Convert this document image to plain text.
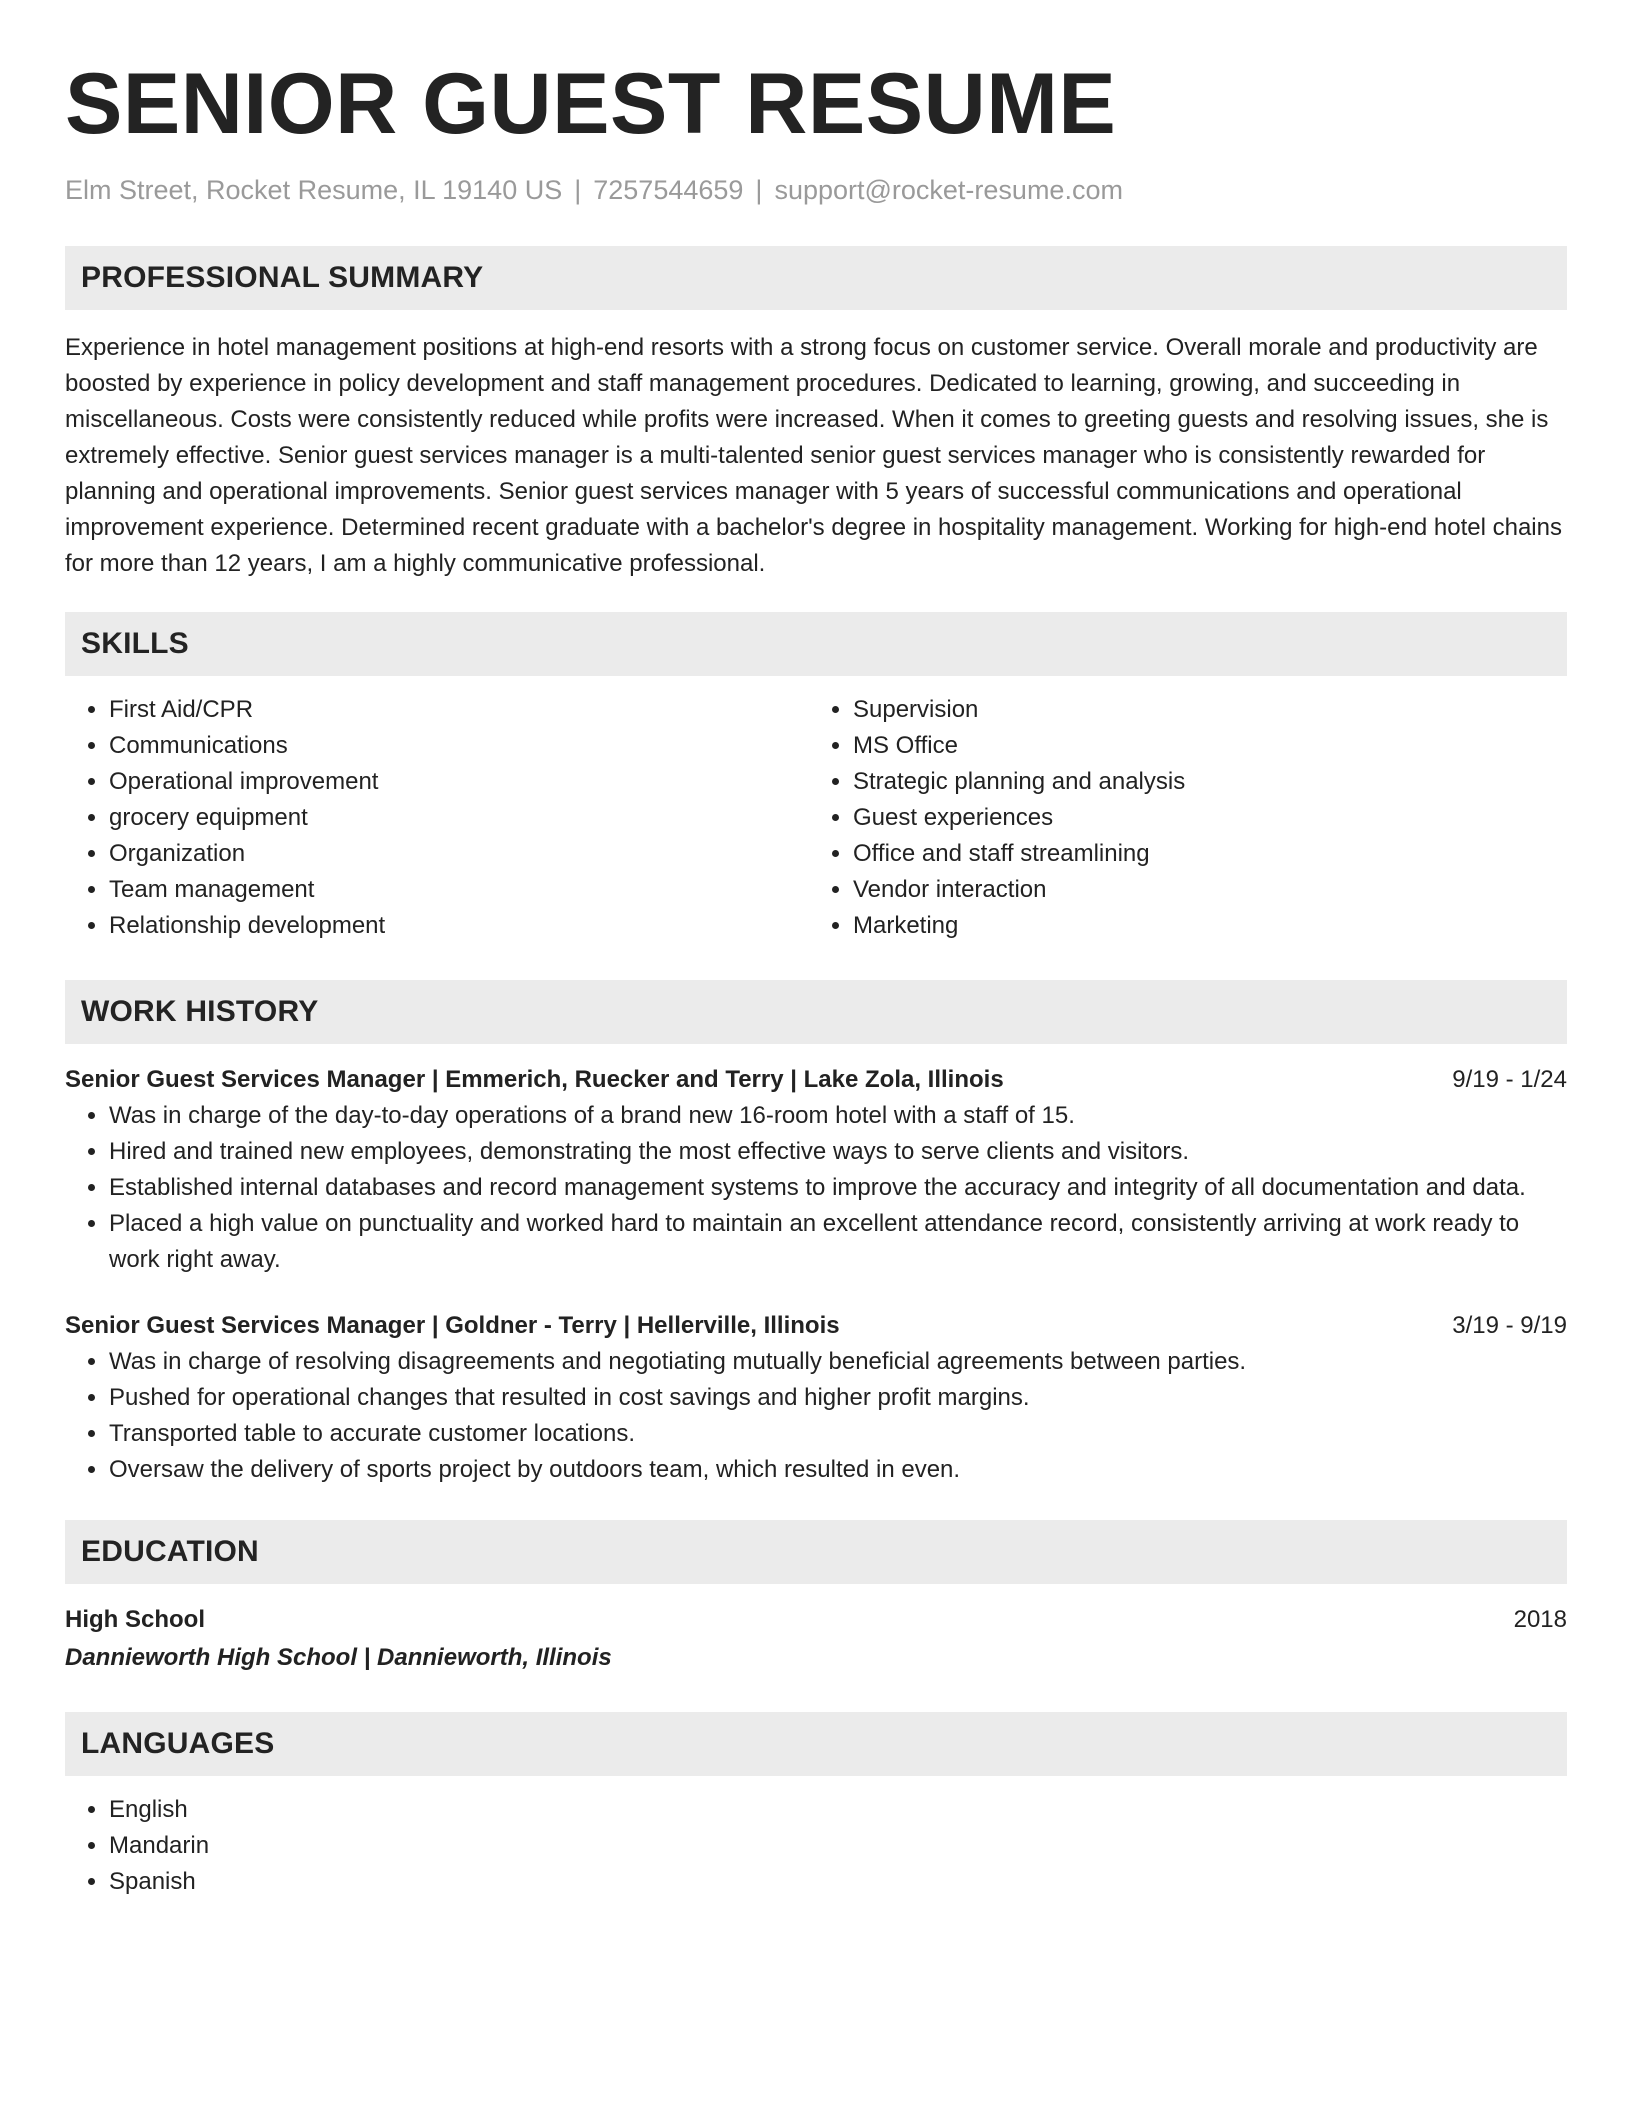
SENIOR GUEST RESUME
Elm Street, Rocket Resume, IL 19140 US | 7257544659 | support@rocket-resume.com
PROFESSIONAL SUMMARY

Experience in hotel management positions at high-end resorts with a strong focus on customer service. Overall morale and productivity are boosted by experience in policy development and staff management procedures. Dedicated to learning, growing, and succeeding in miscellaneous. Costs were consistently reduced while profits were increased. When it comes to greeting guests and resolving issues, she is extremely effective. Senior guest services manager is a multi-talented senior guest services manager who is consistently rewarded for planning and operational improvements. Senior guest services manager with 5 years of successful communications and operational improvement experience. Determined recent graduate with a bachelor's degree in hospitality management. Working for high-end hotel chains for more than 12 years, I am a highly communicative professional.

SKILLS
• First Aid/CPR
• Communications
• Operational improvement
• grocery equipment
• Organization
• Team management
• Relationship development
• Supervision
• MS Office
• Strategic planning and analysis
• Guest experiences
• Office and staff streamlining
• Vendor interaction
• Marketing
WORK HISTORY
Senior Guest Services Manager | Emmerich, Ruecker and Terry | Lake Zola, Illinois	9/19 - 1/24
• Was in charge of the day-to-day operations of a brand new 16-room hotel with a staff of 15.
• Hired and trained new employees, demonstrating the most effective ways to serve clients and visitors.
• Established internal databases and record management systems to improve the accuracy and integrity of all documentation and data.
• Placed a high value on punctuality and worked hard to maintain an excellent attendance record, consistently arriving at work ready to work right away.
Senior Guest Services Manager | Goldner - Terry | Hellerville, Illinois	3/19 - 9/19
• Was in charge of resolving disagreements and negotiating mutually beneficial agreements between parties.
• Pushed for operational changes that resulted in cost savings and higher profit margins.
• Transported table to accurate customer locations.
• Oversaw the delivery of sports project by outdoors team, which resulted in even.
EDUCATION
High School	2018
Dannieworth High School | Dannieworth, Illinois
LANGUAGES
• English
• Mandarin
• Spanish
